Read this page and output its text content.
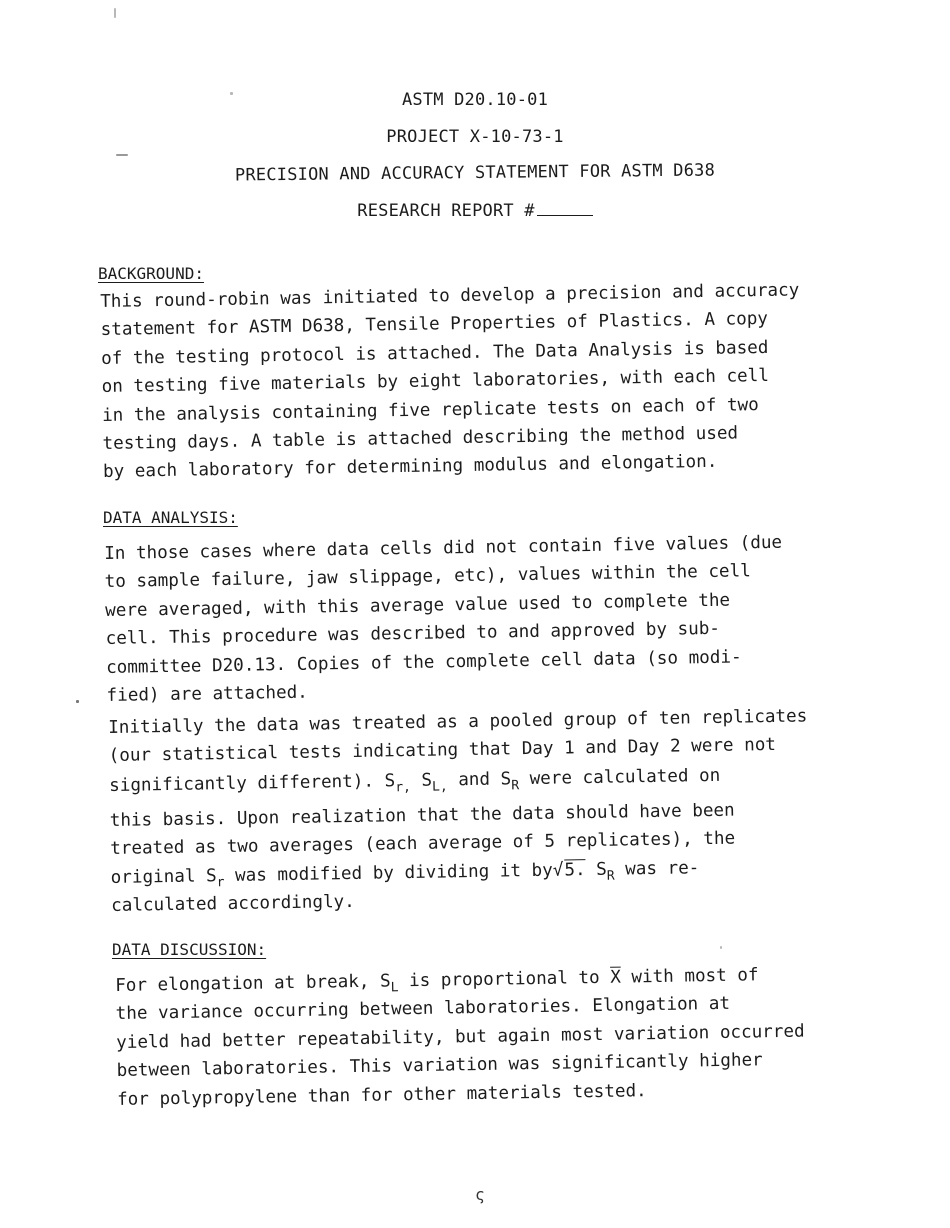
ASTM D20.10-01
PROJECT X-10-73-1
PRECISION AND ACCURACY STATEMENT FOR ASTM D638
RESEARCH REPORT #
BACKGROUND:
This round-robin was initiated to develop a precision and accuracy
statement for ASTM D638, Tensile Properties of Plastics. A copy
of the testing protocol is attached. The Data Analysis is based
on testing five materials by eight laboratories, with each cell
in the analysis containing five replicate tests on each of two
testing days. A table is attached describing the method used
by each laboratory for determining modulus and elongation.
DATA ANALYSIS:
In those cases where data cells did not contain five values (due
to sample failure, jaw slippage, etc), values within the cell
were averaged, with this average value used to complete the
cell. This procedure was described to and approved by sub-
committee D20.13. Copies of the complete cell data (so modi-
fied) are attached.
Initially the data was treated as a pooled group of ten replicates
(our statistical tests indicating that Day 1 and Day 2 were not
significantly different). $S_{r,}$ $S_{L,}$ and $S_R$ were calculated on
this basis. Upon realization that the data should have been
treated as two averages (each average of 5 replicates), the
original $S_r$ was modified by dividing it by√5. $S_R$ was re-
calculated accordingly.
DATA DISCUSSION:
For elongation at break, $S_L$ is proportional to $\overline{X}$ with most of
the variance occurring between laboratories. Elongation at
yield had better repeatability, but again most variation occurred
between laboratories. This variation was significantly higher
for polypropylene than for other materials tested.
ς
